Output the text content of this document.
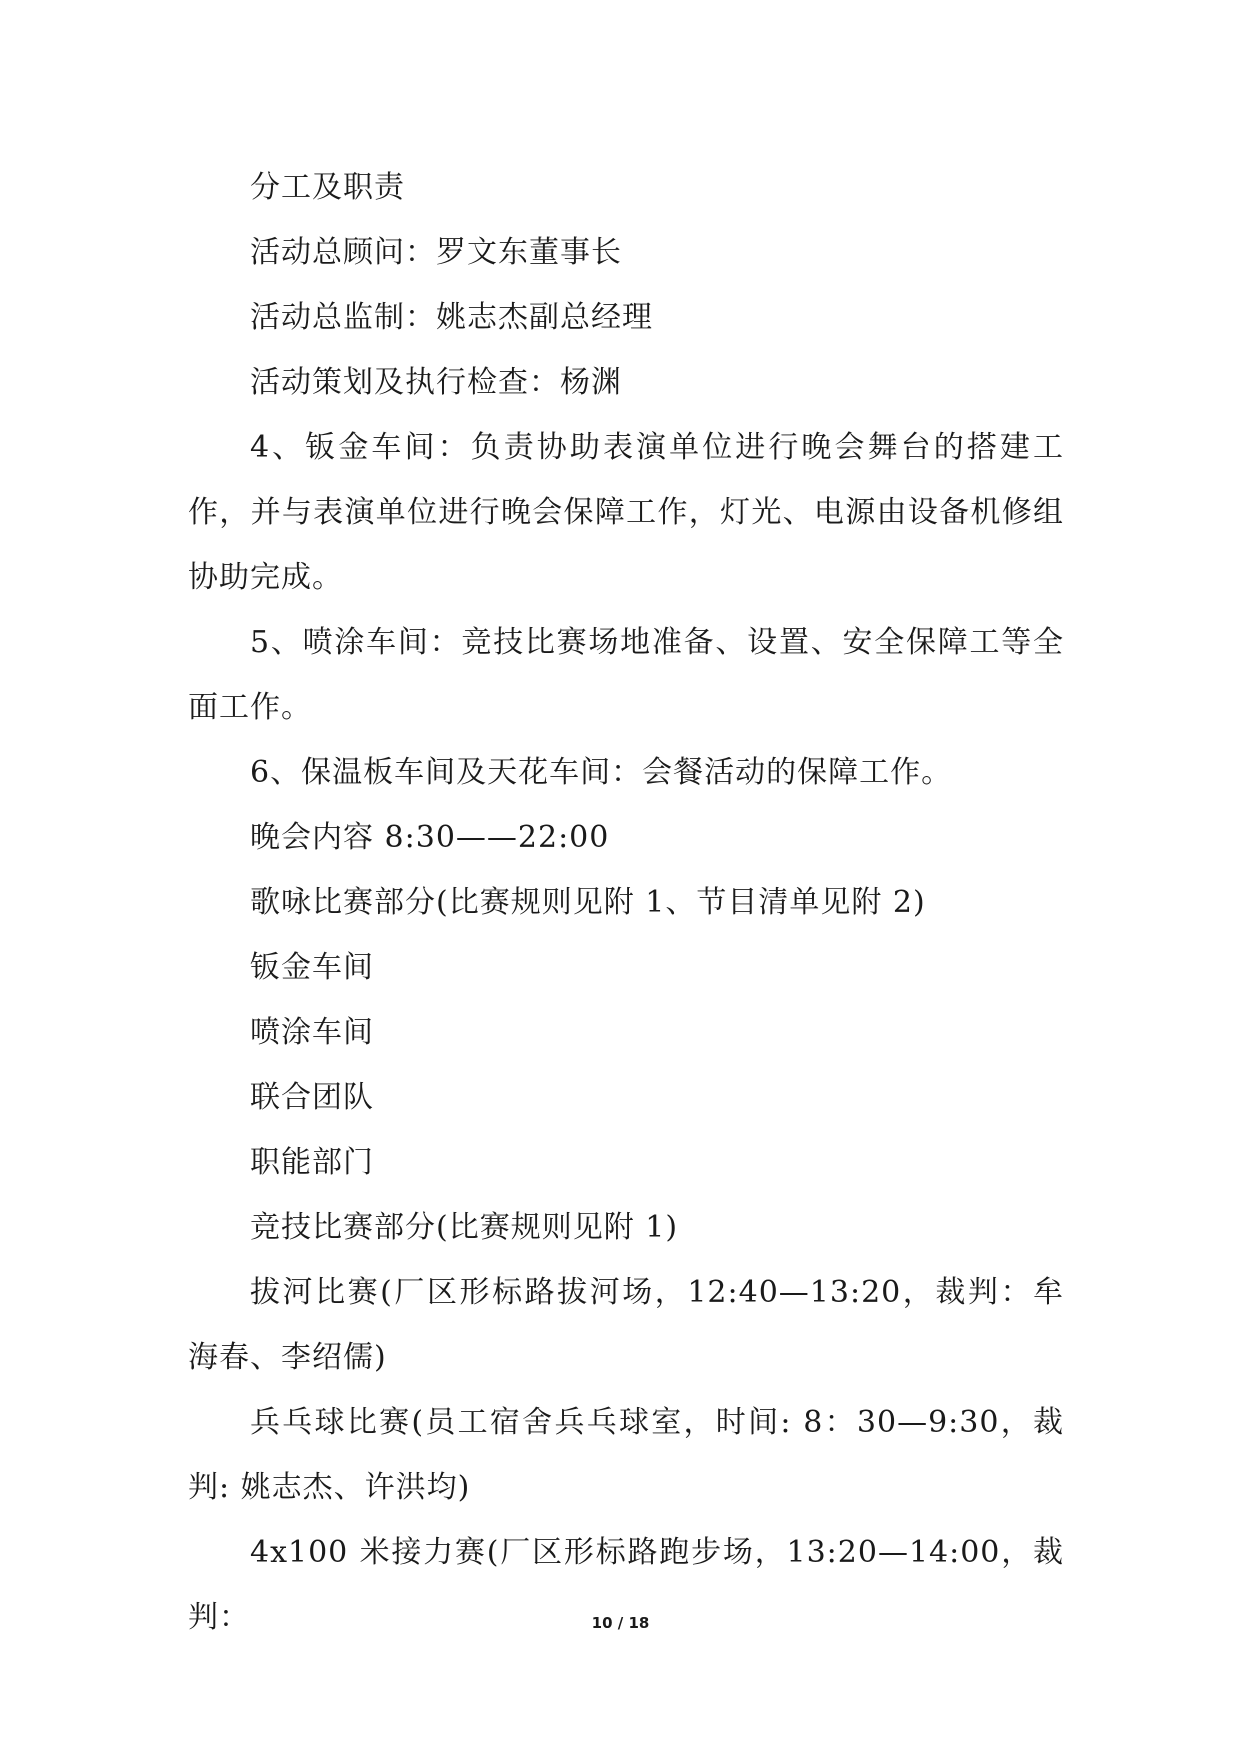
分工及职责

活动总顾问：罗文东董事长

活动总监制：姚志杰副总经理

活动策划及执行检查：杨渊

4、钣金车间：负责协助表演单位进行晚会舞台的搭建工作，并与表演单位进行晚会保障工作，灯光、电源由设备机修组协助完成。

5、喷涂车间：竞技比赛场地准备、设置、安全保障工等全面工作。

6、保温板车间及天花车间：会餐活动的保障工作。

晚会内容 8:30——22:00

歌咏比赛部分(比赛规则见附 1、节目清单见附 2)

钣金车间

喷涂车间

联合团队

职能部门

竞技比赛部分(比赛规则见附 1)

拔河比赛(厂区形标路拔河场，12:40—13:20，裁判：牟海春、李绍儒)

兵乓球比赛(员工宿舍兵乓球室，时间: 8：30—9:30，裁判: 姚志杰、许洪均)

4x100 米接力赛(厂区形标路跑步场，13:20—14:00，裁判：	10 / 18
